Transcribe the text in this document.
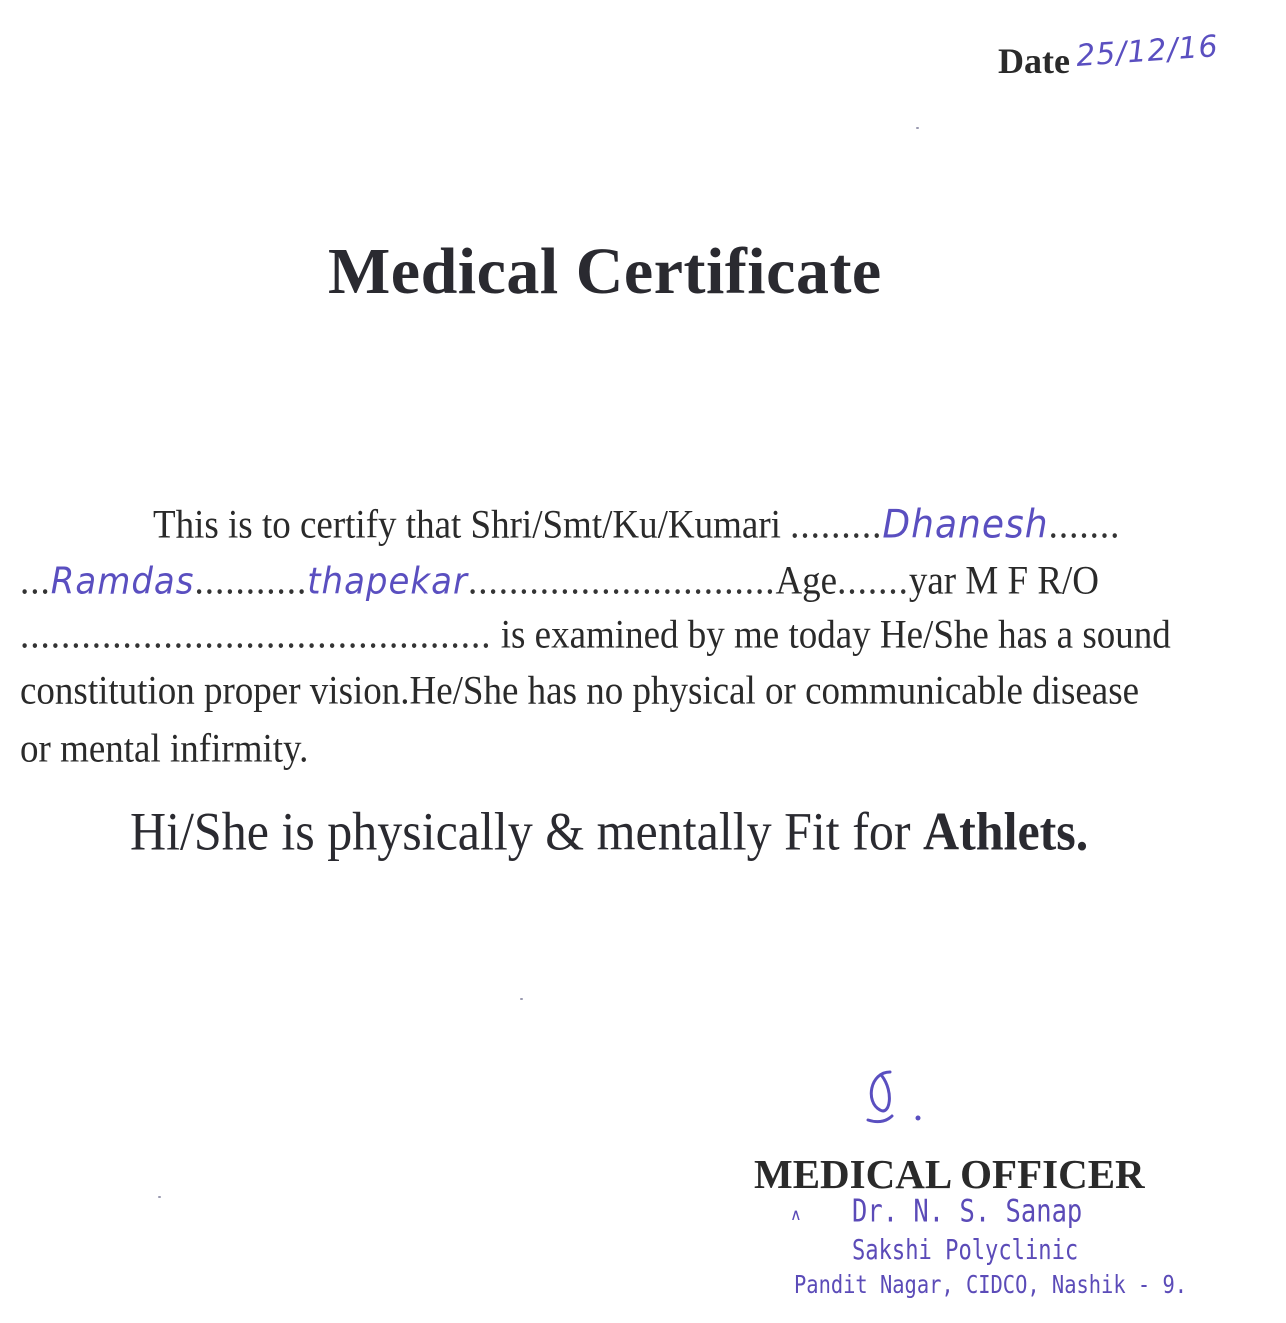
Date 25/12/16
Medical Certificate
This is to certify that Shri/Smt/Ku/Kumari .........Dhanesh.......
...Ramdas...........thapekar..............................Age.......yar M F R/O
.............................................. is examined by me today He/She has a sound
constitution proper vision.He/She has no physical or communicable disease
or mental infirmity.
Hi/She is physically & mentally Fit for Athlets.
MEDICAL OFFICER
∧ Dr. N. S. Sanap
Sakshi Polyclinic
Pandit Nagar, CIDCO, Nashik - 9.
